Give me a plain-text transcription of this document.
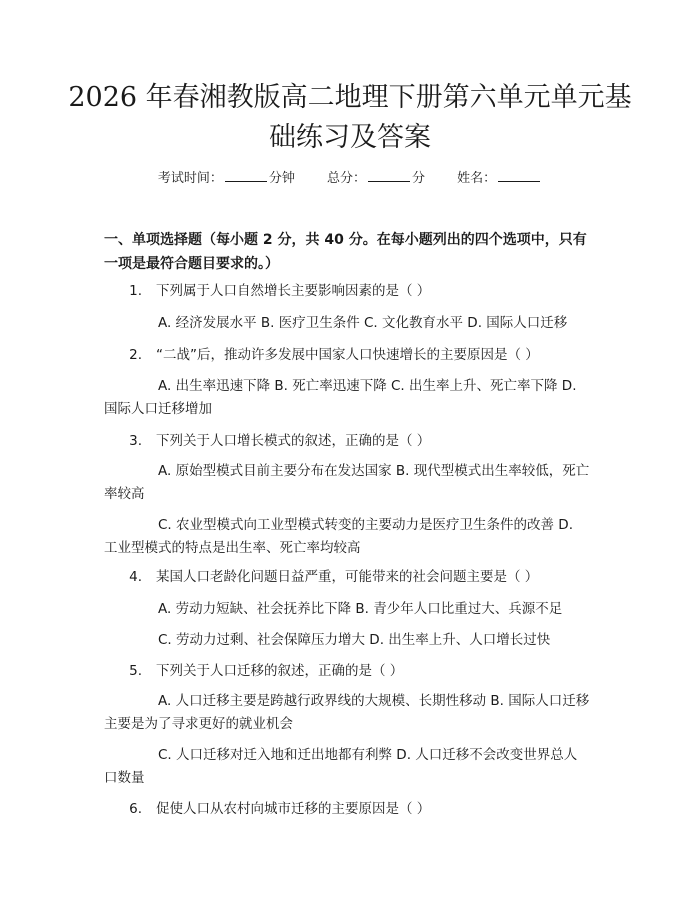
2026 年春湘教版高二地理下册第六单元单元基础练习及答案
考试时间：	分钟 总分：	分 姓名：

一、单项选择题（每小题 2 分，共 40 分。在每小题列出的四个选项中，只有一项是最符合题目要求的。）

1. 下列属于人口自然增长主要影响因素的是（ ）

A. 经济发展水平 B. 医疗卫生条件 C. 文化教育水平 D. 国际人口迁移

2. “二战”后，推动许多发展中国家人口快速增长的主要原因是（ ）

A. 出生率迅速下降 B. 死亡率迅速下降 C. 出生率上升、死亡率下降 D. 国际人口迁移增加

3. 下列关于人口增长模式的叙述，正确的是（ ）

A. 原始型模式目前主要分布在发达国家 B. 现代型模式出生率较低，死亡率较高

C. 农业型模式向工业型模式转变的主要动力是医疗卫生条件的改善 D. 工业型模式的特点是出生率、死亡率均较高

4. 某国人口老龄化问题日益严重，可能带来的社会问题主要是（ ）

A. 劳动力短缺、社会抚养比下降 B. 青少年人口比重过大、兵源不足

C. 劳动力过剩、社会保障压力增大 D. 出生率上升、人口增长过快

5. 下列关于人口迁移的叙述，正确的是（ ）

A. 人口迁移主要是跨越行政界线的大规模、长期性移动 B. 国际人口迁移主要是为了寻求更好的就业机会

C. 人口迁移对迁入地和迁出地都有利弊 D. 人口迁移不会改变世界总人口数量

6. 促使人口从农村向城市迁移的主要原因是（ ）
